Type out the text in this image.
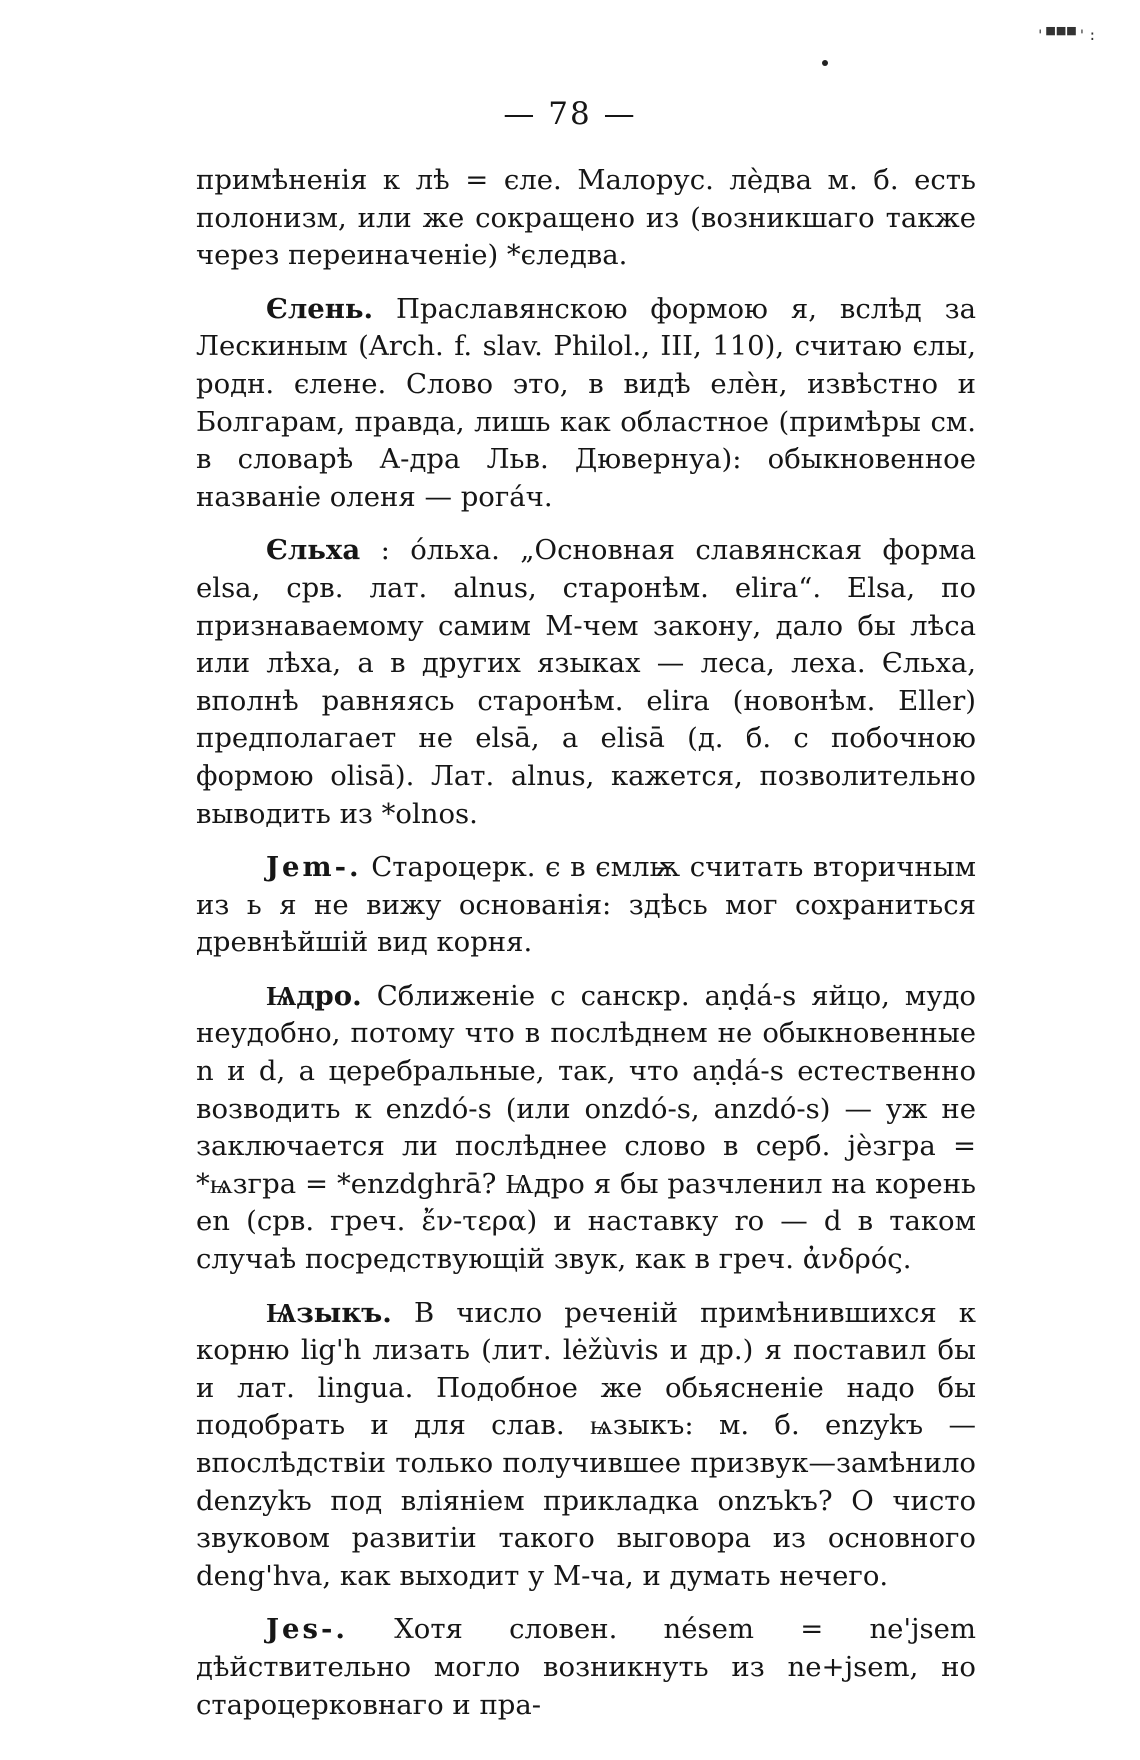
'▀▀▀':
— 78 —

примѣненія к лѣ = єле. Малорус. лѐдва м. б. есть полонизм, или же сокращено из (возникшаго также через переиначеніе) *єледва.

Єлень. Праславянскою формою я, вслѣд за Лескиным (Arch. f. slav. Philol., III, 110), считаю єлы, родн. єлене. Слово это, в видѣ елèн, извѣстно и Болгарам, правда, лишь как областное (примѣры см. в словарѣ А-дра Льв. Дювернуа): обыкновенное названіе оленя — рогáч.

Єльха : óльха. „Основная славянская форма elsa, срв. лат. alnus, старонѣм. elira“. Elsa, по признаваемому самим М-чем закону, дало бы лѣса или лѣха, а в других языках — леса, леха. Єльха, вполнѣ равняясь старонѣм. elira (новонѣм. Eller) предполагает не elsā, а elisā (д. б. с побочною формою olisā). Лат. alnus, кажется, позволительно выводить из *olnos.

Jem-. Староцерк. є в ємлѭ считать вторичным из ь я не вижу основанія: здѣсь мог сохраниться древнѣйшій вид корня.

Ѩдро. Сближеніе с санскр. aṇḍá-s яйцо, мудо неудобно, потому что в послѣднем не обыкновенные n и d, а церебральные, так, что aṇḍá-s естественно возводить к enzdó-s (или onzdó-s, anzdó-s) — уж не заключается ли послѣднее слово в серб. jèзгра = *ѩзгра = *enzdghrā? Ѩдро я бы разчленил на корень en (срв. греч. ἔν-τερα) и наставку ro — d в таком случаѣ посредствующій звук, как в греч. ἀνδρός.

Ѩзыкъ. В число реченій примѣнившихся к корню lig'h лизать (лит. lėžùvis и др.) я поставил бы и лат. lingua. Подобное же обьясненіе надо бы подобрать и для слав. ѩзыкъ: м. б. enzykъ — впослѣдствіи только получившее призвук—замѣнило denzykъ под вліяніем прикладка onzъkъ? О чисто звуковом развитіи такого выговора из основного deng'hva, как выходит у М-ча, и думать нечего.

Jes-. Хотя словен. nésem = ne'jsem дѣйствительно могло возникнуть из ne+jsem, но староцерковнаго и пра-
